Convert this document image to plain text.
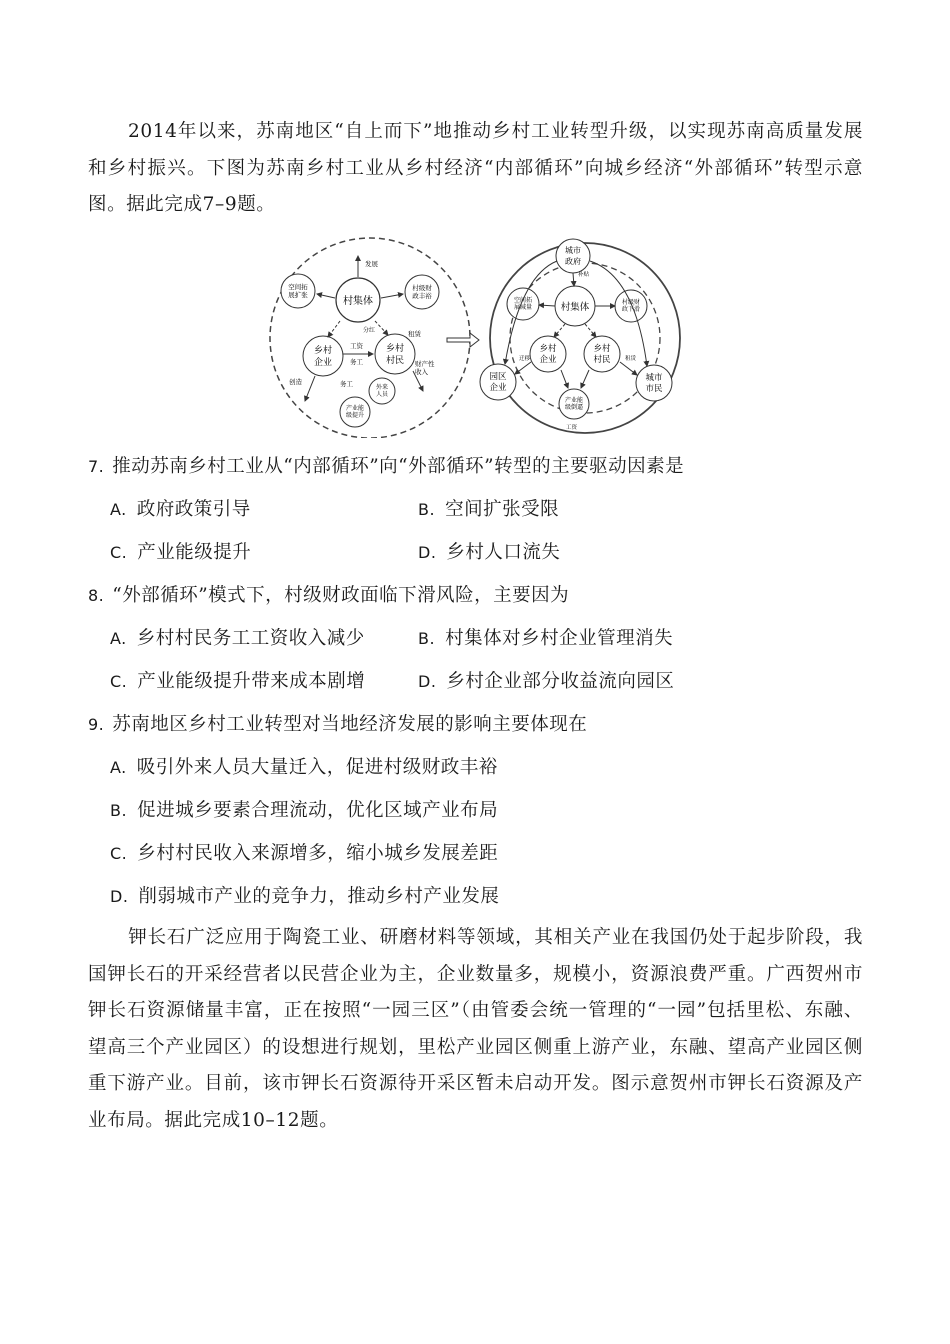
2014年以来，苏南地区“自上而下”地推动乡村工业转型升级，以实现苏南高质量发展和乡村振兴。下图为苏南乡村工业从乡村经济“内部循环”向城乡经济“外部循环”转型示意图。据此完成7–9题。
村集体
空间拓
展扩张
村级财
政丰裕
乡村
企业
乡村
村民
外来
人员
产业能
级提升
发展
工资
务工
创造
财产性
收入
务工
租赁
分红
城市
政府
村集体
空间拓
展减量
村级财
政下滑
乡村
企业
乡村
村民
园区
企业
城市
市民
产业能
级倒逼
迁移	租赁
工资
补贴
7. 推动苏南乡村工业从“内部循环”向“外部循环”转型的主要驱动因素是
A. 政府政策引导	B. 空间扩张受限
C. 产业能级提升	D. 乡村人口流失
8. “外部循环”模式下，村级财政面临下滑风险，主要因为
A. 乡村村民务工工资收入减少	B. 村集体对乡村企业管理消失
C. 产业能级提升带来成本剧增	D. 乡村企业部分收益流向园区
9. 苏南地区乡村工业转型对当地经济发展的影响主要体现在
A. 吸引外来人员大量迁入，促进村级财政丰裕
B. 促进城乡要素合理流动，优化区域产业布局
C. 乡村村民收入来源增多，缩小城乡发展差距
D. 削弱城市产业的竞争力，推动乡村产业发展
钾长石广泛应用于陶瓷工业、研磨材料等领域，其相关产业在我国仍处于起步阶段，我国钾长石的开采经营者以民营企业为主，企业数量多，规模小，资源浪费严重。广西贺州市钾长石资源储量丰富，正在按照“一园三区”（由管委会统一管理的“一园”包括里松、东融、望高三个产业园区）的设想进行规划，里松产业园区侧重上游产业，东融、望高产业园区侧重下游产业。目前，该市钾长石资源待开采区暂未启动开发。图示意贺州市钾长石资源及产业布局。据此完成10–12题。
